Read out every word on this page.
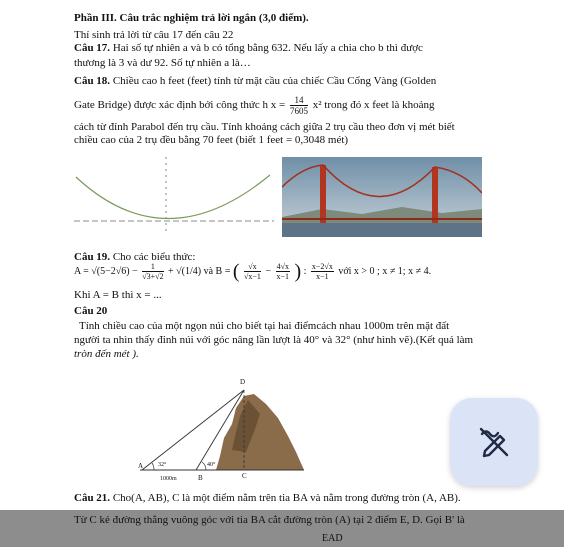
Phần III. Câu trắc nghiệm trả lời ngắn (3,0 điểm).
Thí sinh trả lời từ câu 17 đến câu 22
Câu 17. Hai số tự nhiên a và b có tổng bằng 632. Nếu lấy a chia cho b thì được
thương là 3 và dư 92. Số tự nhiên a là…
Câu 18. Chiều cao h feet (feet) tính từ mặt cầu của chiếc Cầu Cổng Vàng (Golden
Gate Bridge) được xác định bởi công thức h $x = \frac{14}{7605} x^2$ trong đó x feet là khoảng
cách từ đỉnh Parabol đến trụ cầu. Tính khoảng cách giữa 2 trụ cầu theo đơn vị mét biết
chiều cao của 2 trụ đều bằng 70 feet (biết 1 feet = 0,3048 mét)
Câu 19. Cho các biểu thức:
$A = √(5-2√6) - \frac{1}{√3+√2} + √(1/4)$ và B = ( $\frac{√x}{√x-1} - \frac{4√x}{x-1}$ ) : $\frac{x-2√x}{x-1}$ với x > 0 ; x ≠ 1; x ≠ 4.
Khi A = B thì x = ...
Câu 20
Tính chiều cao của một ngọn núi cho biết tại hai điểmcách nhau 1000m trên mặt đất
người ta nhìn thấy đỉnh núi với góc nâng lần lượt là 40° và 32° (như hình vẽ).(Kết quả làm
tròn đến mét ).
D
A
B	C
32°	40°
1000m
Câu 21. Cho(A, AB), C là một điểm nằm trên tia BA và nằm trong đường tròn (A, AB).
Từ C kẻ đường thẳng vuông góc với tia BA cắt đường tròn (A) tại 2 điểm E, D. Gọi B' là
EAD
